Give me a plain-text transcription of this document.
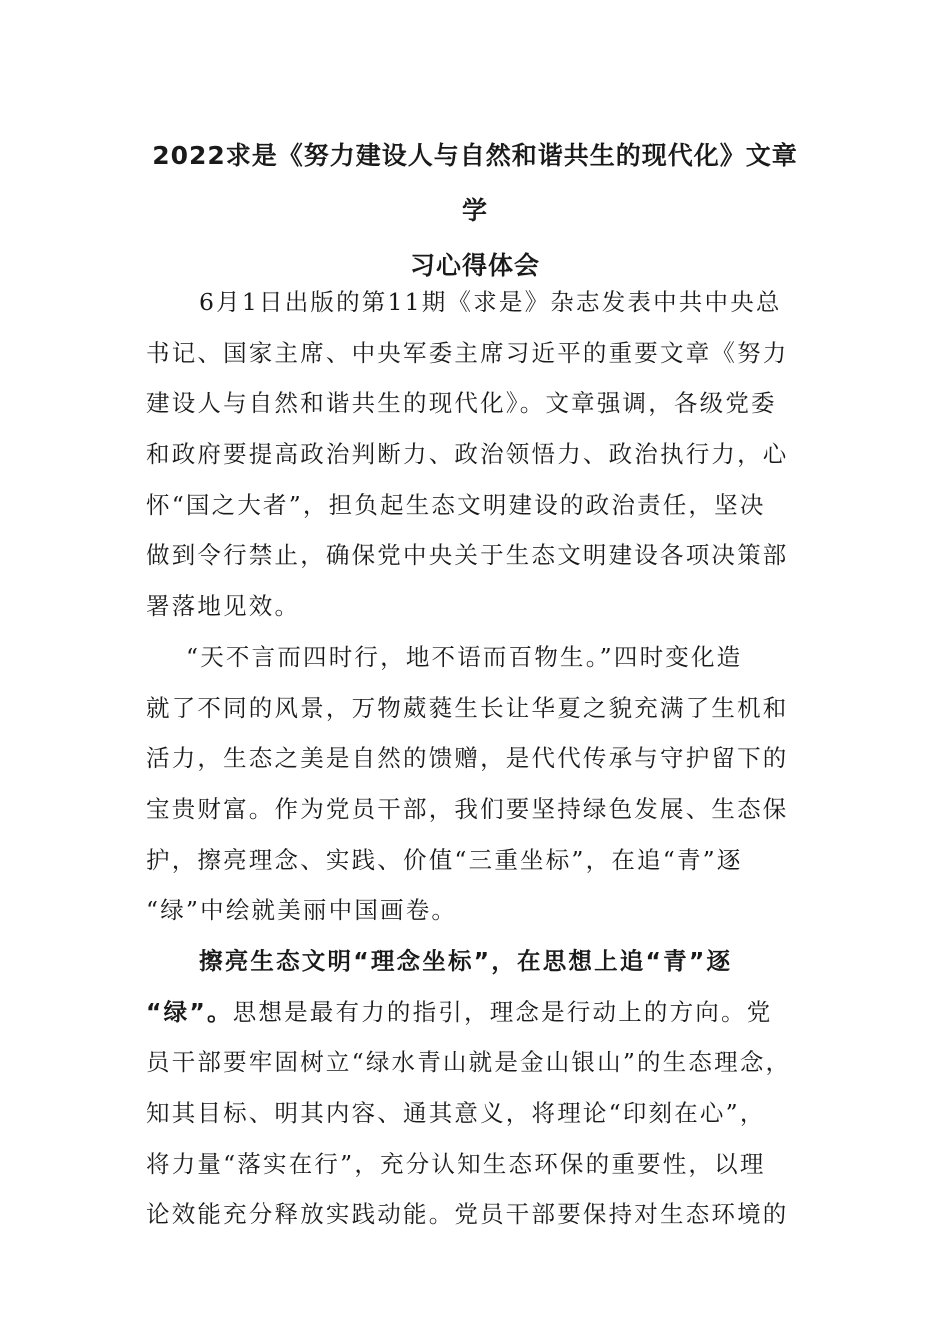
2022求是《努力建设人与自然和谐共生的现代化》文章学
习心得体会
6月1日出版的第11期《求是》杂志发表中共中央总
书记、国家主席、中央军委主席习近平的重要文章《努力
建设人与自然和谐共生的现代化》。文章强调，各级党委
和政府要提高政治判断力、政治领悟力、政治执行力，心
怀“国之大者”，担负起生态文明建设的政治责任，坚决
做到令行禁止，确保党中央关于生态文明建设各项决策部
署落地见效。
“天不言而四时行，地不语而百物生。”四时变化造
就了不同的风景，万物葳蕤生长让华夏之貌充满了生机和
活力，生态之美是自然的馈赠，是代代传承与守护留下的
宝贵财富。作为党员干部，我们要坚持绿色发展、生态保
护，擦亮理念、实践、价值“三重坐标”，在追“青”逐
“绿”中绘就美丽中国画卷。
擦亮生态文明“理念坐标”，在思想上追“青”逐
“绿”。思想是最有力的指引，理念是行动上的方向。党
员干部要牢固树立“绿水青山就是金山银山”的生态理念，
知其目标、明其内容、通其意义，将理论“印刻在心”，
将力量“落实在行”，充分认知生态环保的重要性，以理
论效能充分释放实践动能。党员干部要保持对生态环境的
